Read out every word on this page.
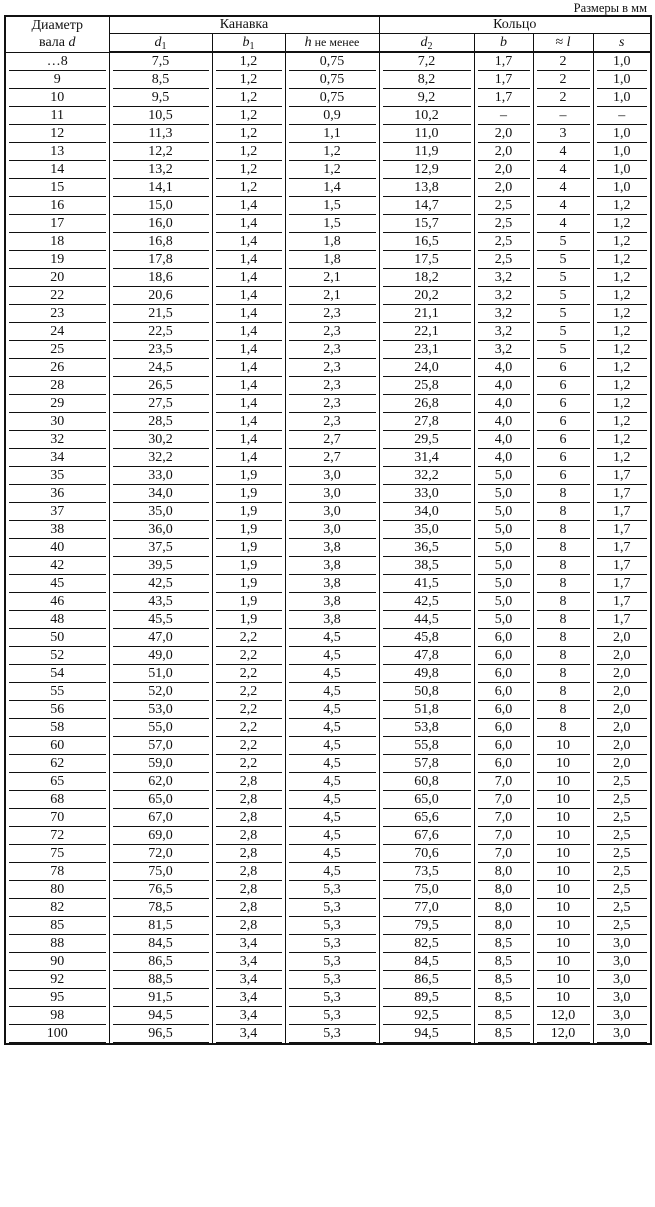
Размеры в мм
Диаметр
вала d	Канавка			Кольцо			
	$d_1$	$b_1$	h не менее	$d_2$	b	≈ l	s

…8	7,5	1,2	0,75	7,2	1,7	2	1,0

9	8,5	1,2	0,75	8,2	1,7	2	1,0

10	9,5	1,2	0,75	9,2	1,7	2	1,0

11	10,5	1,2	0,9	10,2	–	–	–

12	11,3	1,2	1,1	11,0	2,0	3	1,0

13	12,2	1,2	1,2	11,9	2,0	4	1,0

14	13,2	1,2	1,2	12,9	2,0	4	1,0

15	14,1	1,2	1,4	13,8	2,0	4	1,0

16	15,0	1,4	1,5	14,7	2,5	4	1,2

17	16,0	1,4	1,5	15,7	2,5	4	1,2

18	16,8	1,4	1,8	16,5	2,5	5	1,2

19	17,8	1,4	1,8	17,5	2,5	5	1,2

20	18,6	1,4	2,1	18,2	3,2	5	1,2

22	20,6	1,4	2,1	20,2	3,2	5	1,2

23	21,5	1,4	2,3	21,1	3,2	5	1,2

24	22,5	1,4	2,3	22,1	3,2	5	1,2

25	23,5	1,4	2,3	23,1	3,2	5	1,2

26	24,5	1,4	2,3	24,0	4,0	6	1,2

28	26,5	1,4	2,3	25,8	4,0	6	1,2

29	27,5	1,4	2,3	26,8	4,0	6	1,2

30	28,5	1,4	2,3	27,8	4,0	6	1,2

32	30,2	1,4	2,7	29,5	4,0	6	1,2

34	32,2	1,4	2,7	31,4	4,0	6	1,2

35	33,0	1,9	3,0	32,2	5,0	6	1,7

36	34,0	1,9	3,0	33,0	5,0	8	1,7

37	35,0	1,9	3,0	34,0	5,0	8	1,7

38	36,0	1,9	3,0	35,0	5,0	8	1,7

40	37,5	1,9	3,8	36,5	5,0	8	1,7

42	39,5	1,9	3,8	38,5	5,0	8	1,7

45	42,5	1,9	3,8	41,5	5,0	8	1,7

46	43,5	1,9	3,8	42,5	5,0	8	1,7

48	45,5	1,9	3,8	44,5	5,0	8	1,7

50	47,0	2,2	4,5	45,8	6,0	8	2,0

52	49,0	2,2	4,5	47,8	6,0	8	2,0

54	51,0	2,2	4,5	49,8	6,0	8	2,0

55	52,0	2,2	4,5	50,8	6,0	8	2,0

56	53,0	2,2	4,5	51,8	6,0	8	2,0

58	55,0	2,2	4,5	53,8	6,0	8	2,0

60	57,0	2,2	4,5	55,8	6,0	10	2,0

62	59,0	2,2	4,5	57,8	6,0	10	2,0

65	62,0	2,8	4,5	60,8	7,0	10	2,5

68	65,0	2,8	4,5	65,0	7,0	10	2,5

70	67,0	2,8	4,5	65,6	7,0	10	2,5

72	69,0	2,8	4,5	67,6	7,0	10	2,5

75	72,0	2,8	4,5	70,6	7,0	10	2,5

78	75,0	2,8	4,5	73,5	8,0	10	2,5

80	76,5	2,8	5,3	75,0	8,0	10	2,5

82	78,5	2,8	5,3	77,0	8,0	10	2,5

85	81,5	2,8	5,3	79,5	8,0	10	2,5

88	84,5	3,4	5,3	82,5	8,5	10	3,0

90	86,5	3,4	5,3	84,5	8,5	10	3,0

92	88,5	3,4	5,3	86,5	8,5	10	3,0

95	91,5	3,4	5,3	89,5	8,5	10	3,0

98	94,5	3,4	5,3	92,5	8,5	12,0	3,0

100	96,5	3,4	5,3	94,5	8,5	12,0	3,0
